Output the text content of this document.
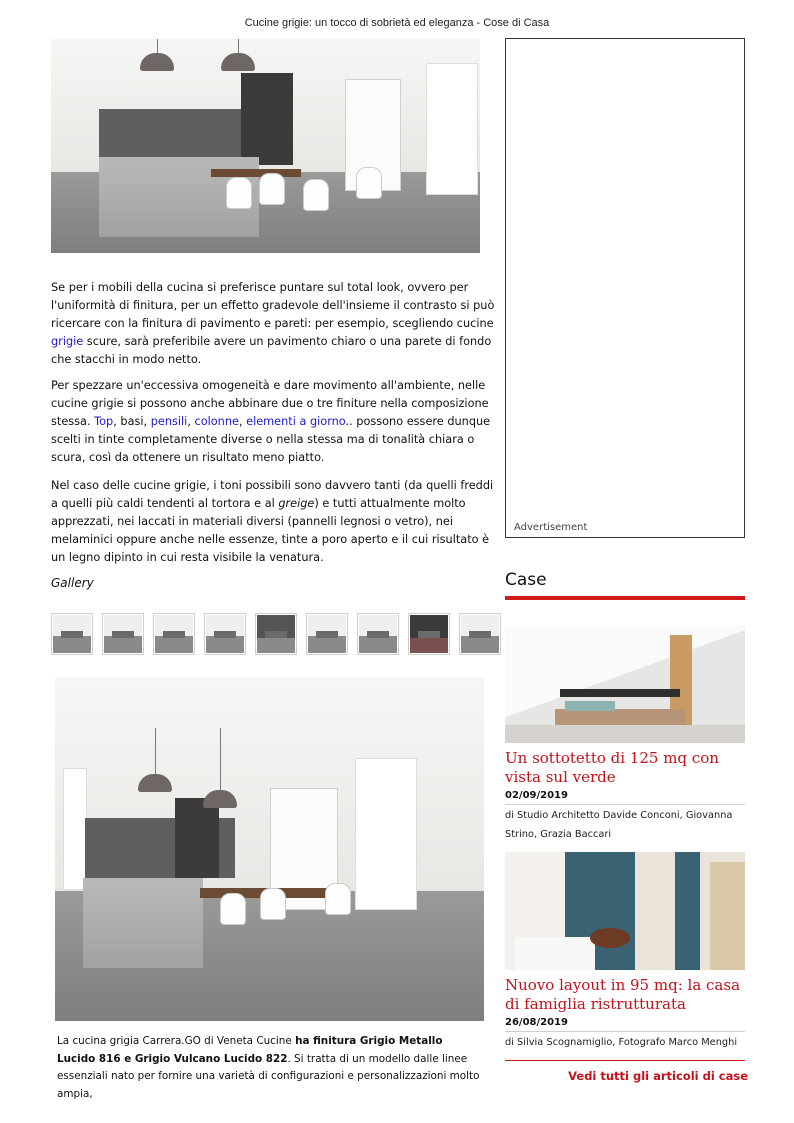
Cucine grigie: un tocco di sobrietà ed eleganza - Cose di Casa

Se per i mobili della cucina si preferisce puntare sul total look, ovvero per l'uniformità di finitura, per un effetto gradevole dell'insieme il contrasto si può ricercare con la finitura di pavimento e pareti: per esempio, scegliendo cucine grigie scure, sarà preferibile avere un pavimento chiaro o una parete di fondo che stacchi in modo netto.

Per spezzare un'eccessiva omogeneità e dare movimento all'ambiente, nelle cucine grigie si possono anche abbinare due o tre finiture nella composizione stessa. Top, basi, pensili, colonne, elementi a giorno.. possono essere dunque scelti in tinte completamente diverse o nella stessa ma di tonalità chiara o scura, così da ottenere un risultato meno piatto.

Nel caso delle cucine grigie, i toni possibili sono davvero tanti (da quelli freddi a quelli più caldi tendenti al tortora e al greige) e tutti attualmente molto apprezzati, nei laccati in materiali diversi (pannelli legnosi o vetro), nei melaminici oppure anche nelle essenze, tinte a poro aperto e il cui risultato è un legno dipinto in cui resta visibile la venatura.

Gallery
La cucina grigia Carrera.GO di Veneta Cucine ha finitura Grigio Metallo Lucido 816 e Grigio Vulcano Lucido 822. Si tratta di un modello dalle linee essenziali nato per fornire una varietà di configurazioni e personalizzazioni molto ampia,
Advertisement
Case
Un sottotetto di 125 mq con vista sul verde
02/09/2019
di Studio Architetto Davide Conconi, Giovanna Strino, Grazia Baccari
Nuovo layout in 95 mq: la casa di famiglia ristrutturata
26/08/2019
di Silvia Scognamiglio, Fotografo Marco Menghi
Vedi tutti gli articoli di case
